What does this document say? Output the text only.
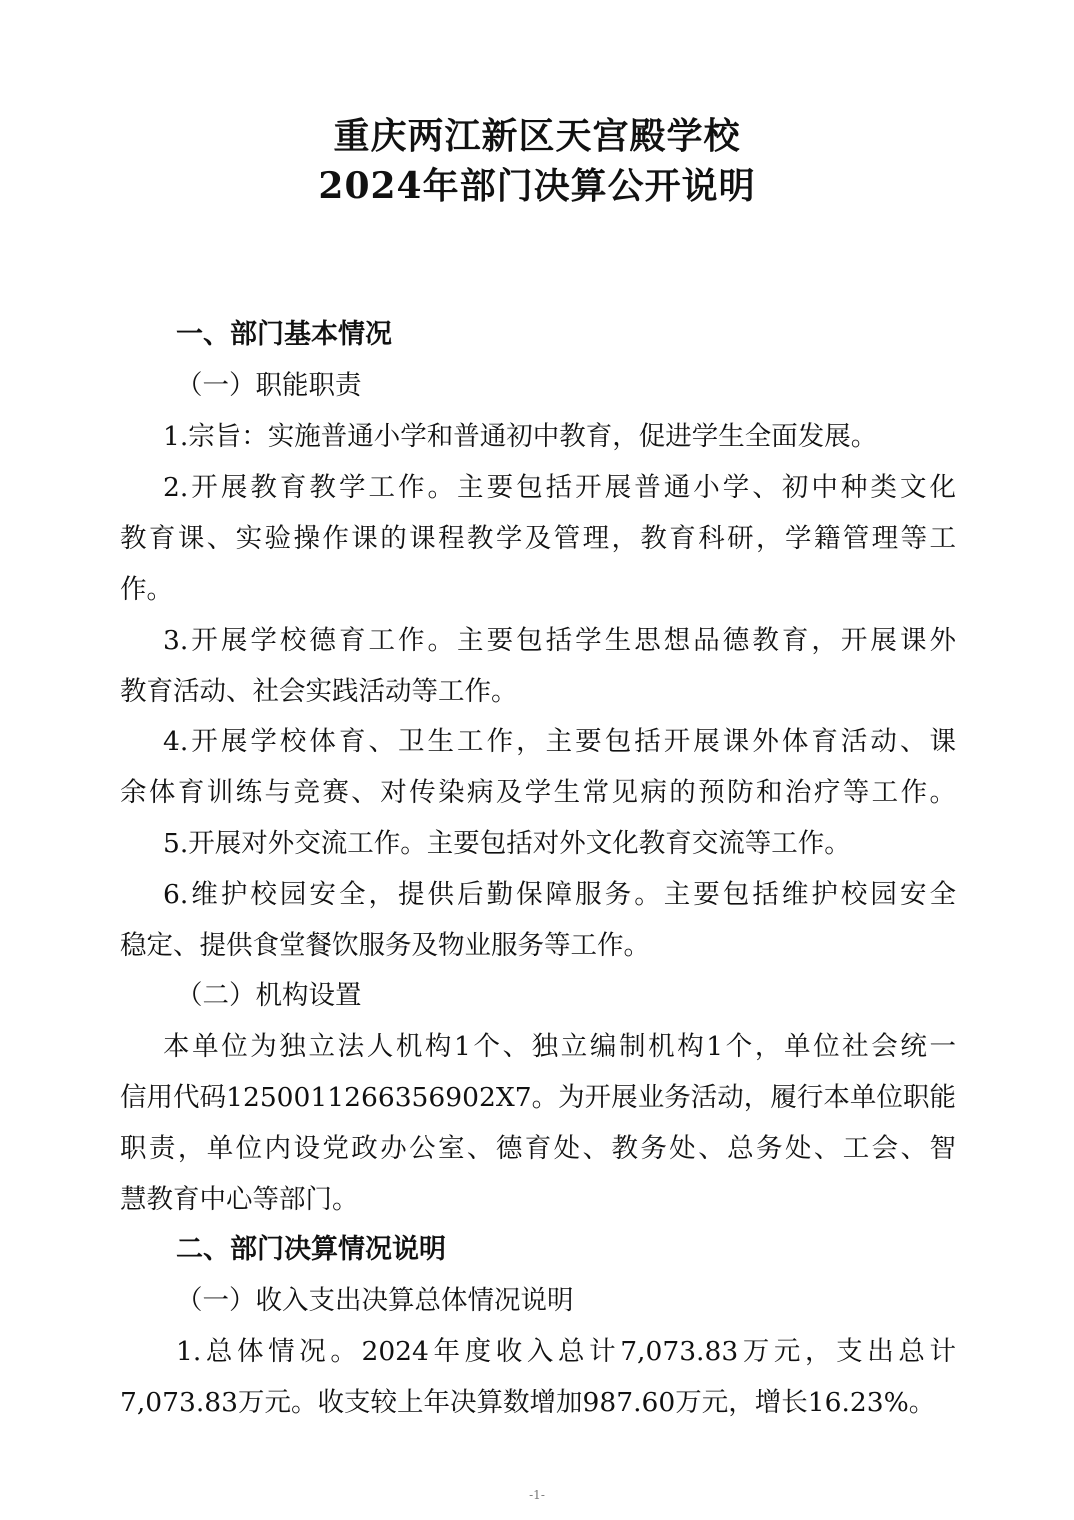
重庆两江新区天宫殿学校
2024年部门决算公开说明
一、部门基本情况
（一）职能职责
1.宗旨：实施普通小学和普通初中教育，促进学生全面发展。
2.开展教育教学工作。主要包括开展普通小学、初中种类文化
教育课、实验操作课的课程教学及管理，教育科研，学籍管理等工
作。
3.开展学校德育工作。主要包括学生思想品德教育，开展课外
教育活动、社会实践活动等工作。
4.开展学校体育、卫生工作，主要包括开展课外体育活动、课
余体育训练与竞赛、对传染病及学生常见病的预防和治疗等工作。
5.开展对外交流工作。主要包括对外文化教育交流等工作。
6.维护校园安全，提供后勤保障服务。主要包括维护校园安全
稳定、提供食堂餐饮服务及物业服务等工作。
（二）机构设置
本单位为独立法人机构1个、独立编制机构1个，单位社会统一
信用代码1250011266356902X7。为开展业务活动，履行本单位职能
职责，单位内设党政办公室、德育处、教务处、总务处、工会、智
慧教育中心等部门。
二、部门决算情况说明
（一）收入支出决算总体情况说明
1.总体情况。2024年度收入总计7,073.83万元，支出总计
7,073.83万元。收支较上年决算数增加987.60万元，增长16.23%。
-1-
